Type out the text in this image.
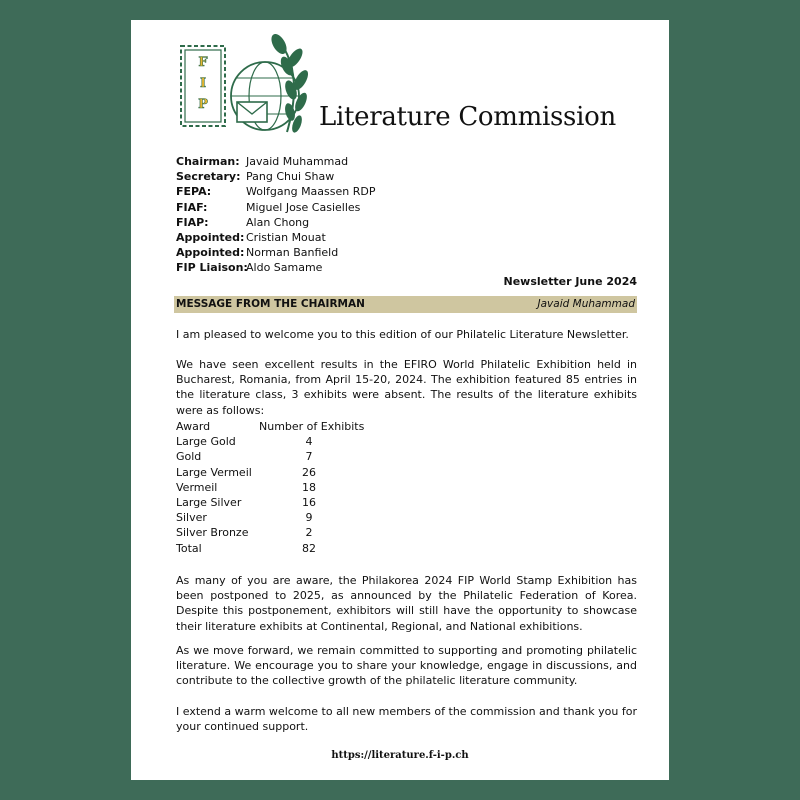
F
I
P	Literature Commission
Chairman: Javaid Muhammad
Secretary: Pang Chui Shaw
FEPA:	Wolfgang Maassen RDP
FIAF:	Miguel Jose Casielles
FIAP:	Alan Chong
Appointed: Cristian Mouat
Appointed: Norman Banfield
FIP Liaison:Aldo Samame
Newsletter June 2024
MESSAGE FROM THE CHAIRMAN	Javaid Muhammad

I am pleased to welcome you to this edition of our Philatelic Literature Newsletter.

We have seen excellent results in the EFIRO World Philatelic Exhibition held in Bucharest, Romania, from April 15-20, 2024. The exhibition featured 85 entries in the literature class, 3 exhibits were absent. The results of the literature exhibits were as follows:

Award	Number of Exhibits
Large Gold	4
Gold	7
Large Vermeil	26
Vermeil	18
Large Silver	16
Silver	9
Silver Bronze	2
Total	82

As many of you are aware, the Philakorea 2024 FIP World Stamp Exhibition has been postponed to 2025, as announced by the Philatelic Federation of Korea. Despite this postponement, exhibitors will still have the opportunity to showcase their literature exhibits at Continental, Regional, and National exhibitions.

As we move forward, we remain committed to supporting and promoting philatelic literature. We encourage you to share your knowledge, engage in discussions, and contribute to the collective growth of the philatelic literature community.

I extend a warm welcome to all new members of the commission and thank you for your continued support.

https://literature.f-i-p.ch
